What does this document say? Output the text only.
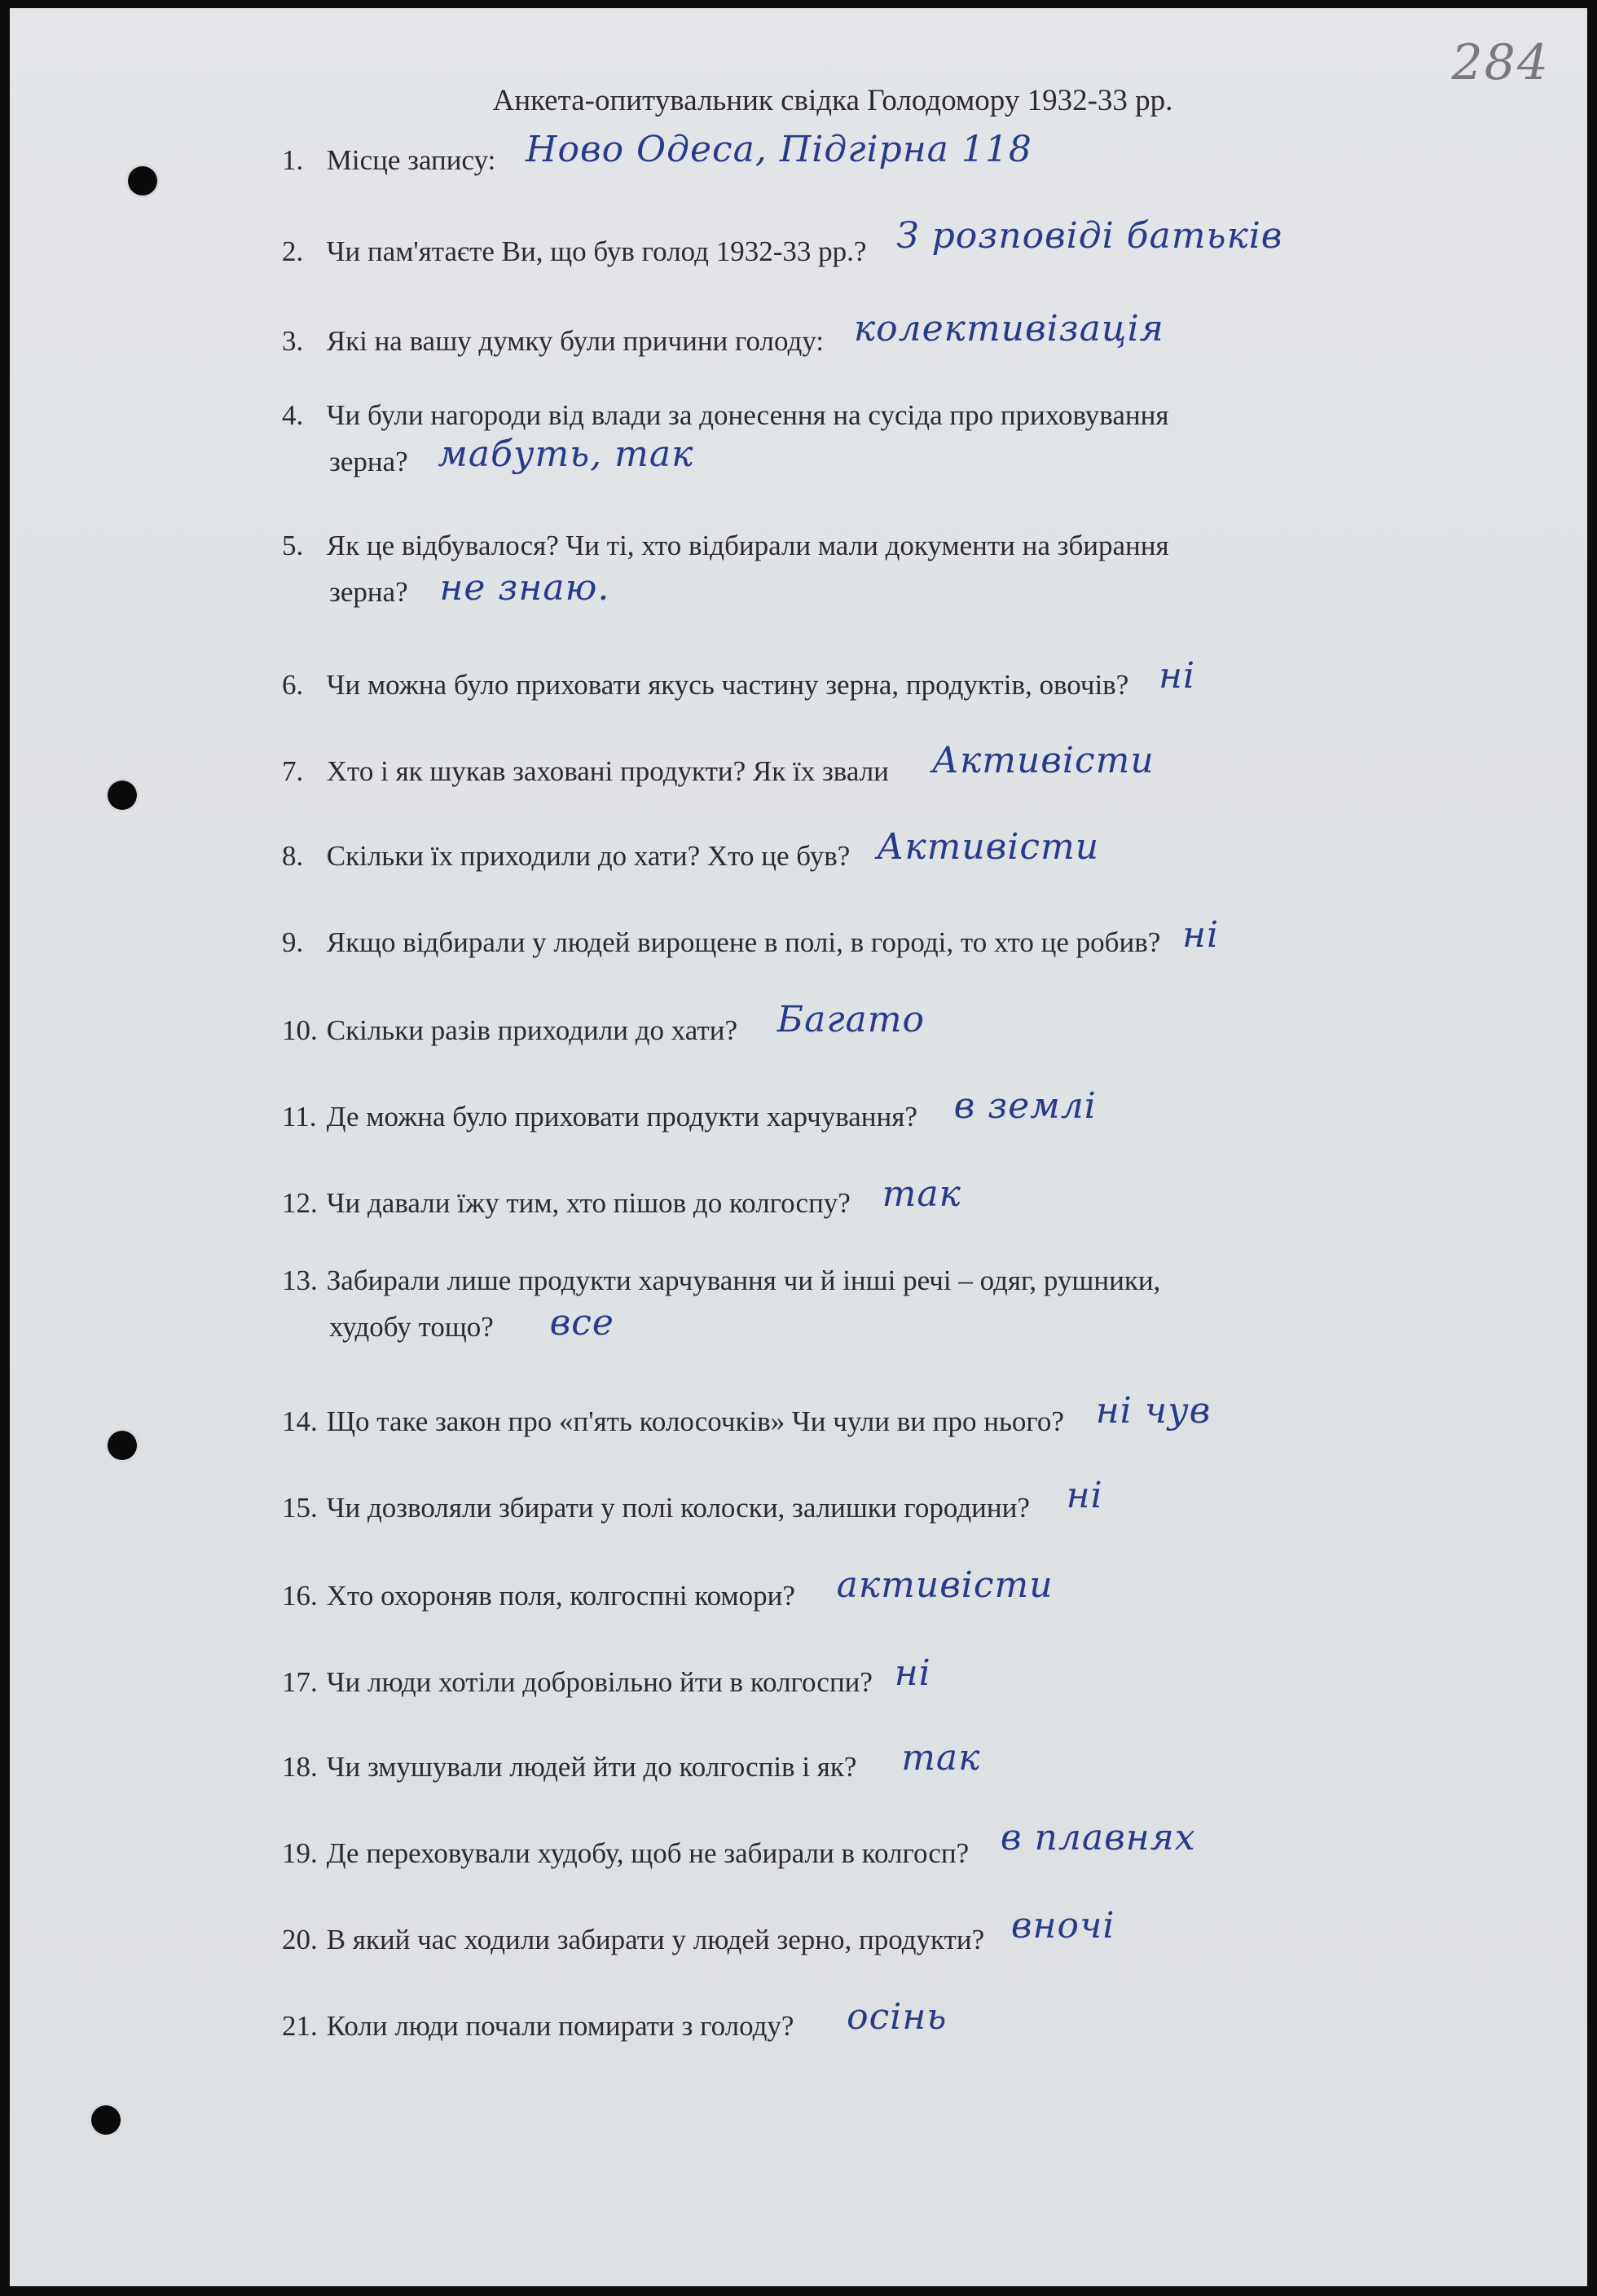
284
Анкета-опитувальник свідка Голодомору 1932-33 рр.
1. Місце запису: Ново Одеса, Підгірна 118
2. Чи пам'ятаєте Ви, що був голод 1932-33 рр.? З розповіді батьків
3. Які на вашу думку були причини голоду: колективізація
4. Чи були нагороди від влади за донесення на сусіда про приховування
зерна? мабуть, так
5. Як це відбувалося? Чи ті, хто відбирали мали документи на збирання
зерна? не знаю.
6. Чи можна було приховати якусь частину зерна, продуктів, овочів? ні
7. Хто і як шукав заховані продукти? Як їх звали Активісти
8. Скільки їх приходили до хати? Хто це був? Активісти
9. Якщо відбирали у людей вирощене в полі, в городі, то хто це робив? ні
10. Скільки разів приходили до хати? Багато
11. Де можна було приховати продукти харчування? в землі
12. Чи давали їжу тим, хто пішов до колгоспу? так
13. Забирали лише продукти харчування чи й інші речі – одяг, рушники,
худобу тощо? все
14. Що таке закон про «п'ять колосочків» Чи чули ви про нього? ні чув
15. Чи дозволяли збирати у полі колоски, залишки городини? ні
16. Хто охороняв поля, колгоспні комори? активісти
17. Чи люди хотіли добровільно йти в колгоспи? ні
18. Чи змушували людей йти до колгоспів і як? так
19. Де переховували худобу, щоб не забирали в колгосп? в плавнях
20. В який час ходили забирати у людей зерно, продукти? вночі
21. Коли люди почали помирати з голоду? осінь
